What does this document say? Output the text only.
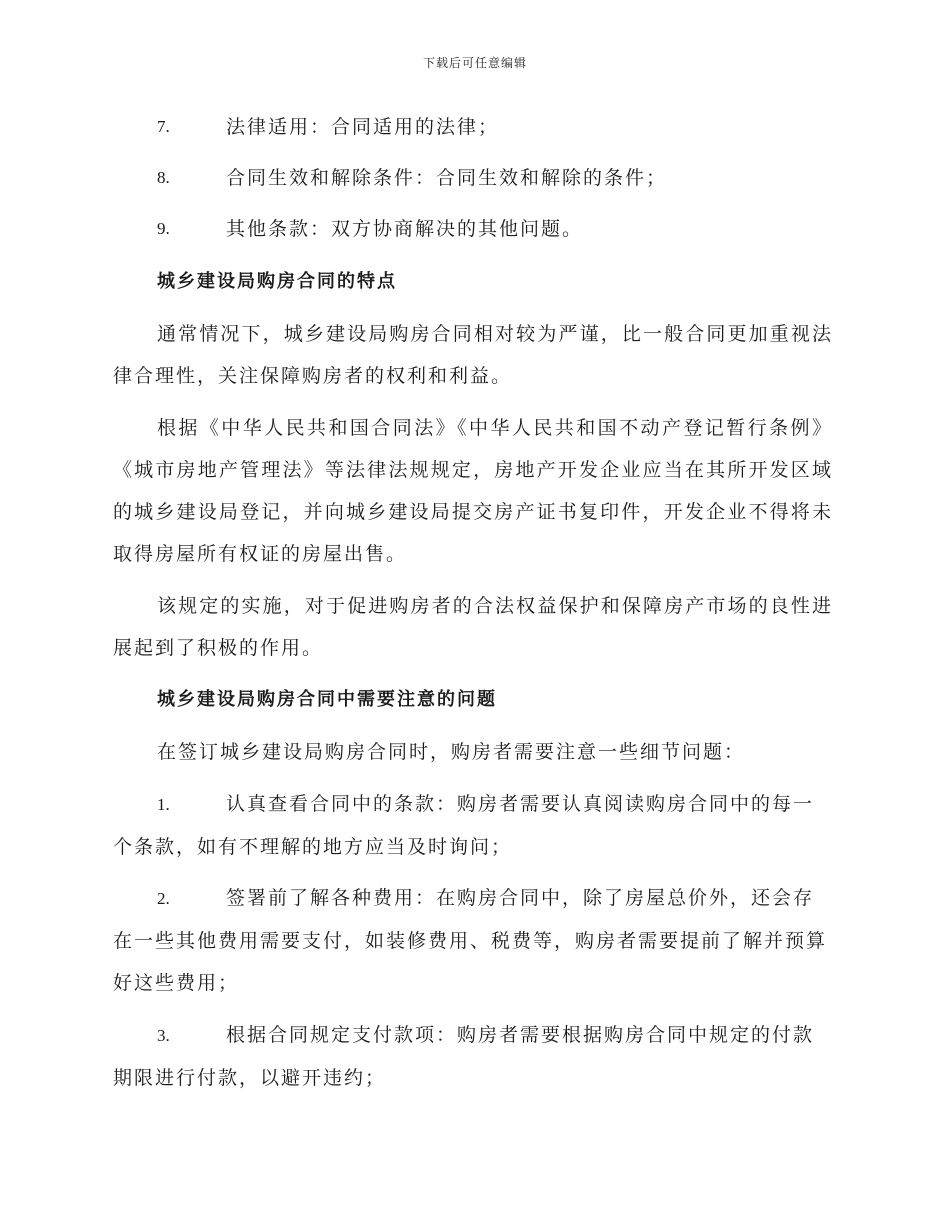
下载后可任意编辑
7.	法律适用：合同适用的法律；
8.	合同生效和解除条件：合同生效和解除的条件；
9.	其他条款：双方协商解决的其他问题。
城乡建设局购房合同的特点
通常情况下，城乡建设局购房合同相对较为严谨，比一般合同更加重视法律合理性，关注保障购房者的权利和利益。
根据《中华人民共和国合同法》《中华人民共和国不动产登记暂行条例》《城市房地产管理法》等法律法规规定，房地产开发企业应当在其所开发区域的城乡建设局登记，并向城乡建设局提交房产证书复印件，开发企业不得将未取得房屋所有权证的房屋出售。
该规定的实施，对于促进购房者的合法权益保护和保障房产市场的良性进展起到了积极的作用。
城乡建设局购房合同中需要注意的问题
在签订城乡建设局购房合同时，购房者需要注意一些细节问题：
1.	认真查看合同中的条款：购房者需要认真阅读购房合同中的每一个条款，如有不理解的地方应当及时询问；
2.	签署前了解各种费用：在购房合同中，除了房屋总价外，还会存在一些其他费用需要支付，如装修费用、税费等，购房者需要提前了解并预算好这些费用；
3.	根据合同规定支付款项：购房者需要根据购房合同中规定的付款期限进行付款，以避开违约；
